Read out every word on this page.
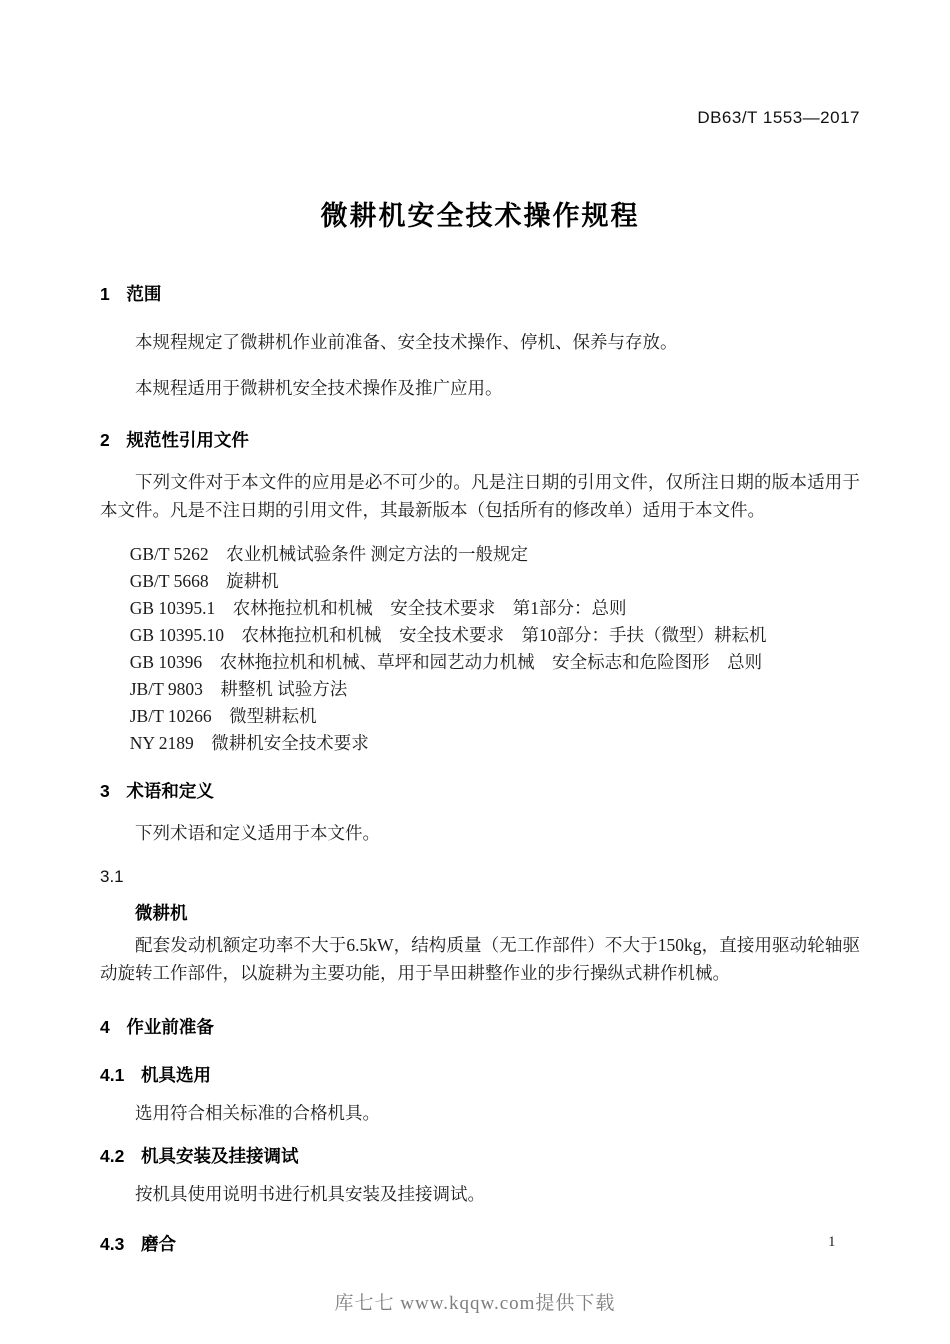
DB63/T 1553—2017
微耕机安全技术操作规程
1 范围

本规程规定了微耕机作业前准备、安全技术操作、停机、保养与存放。

本规程适用于微耕机安全技术操作及推广应用。

2 规范性引用文件

下列文件对于本文件的应用是必不可少的。凡是注日期的引用文件，仅所注日期的版本适用于本文件。凡是不注日期的引用文件，其最新版本（包括所有的修改单）适用于本文件。

GB/T 5262　农业机械试验条件 测定方法的一般规定
GB/T 5668　旋耕机
GB 10395.1　农林拖拉机和机械　安全技术要求　第1部分：总则
GB 10395.10　农林拖拉机和机械　安全技术要求　第10部分：手扶（微型）耕耘机
GB 10396　农林拖拉机和机械、草坪和园艺动力机械　安全标志和危险图形　总则
JB/T 9803　耕整机 试验方法
JB/T 10266　微型耕耘机
NY 2189　微耕机安全技术要求
3 术语和定义

下列术语和定义适用于本文件。

3.1
微耕机

配套发动机额定功率不大于6.5kW，结构质量（无工作部件）不大于150kg，直接用驱动轮轴驱动旋转工作部件，以旋耕为主要功能，用于旱田耕整作业的步行操纵式耕作机械。

4 作业前准备
4.1 机具选用

选用符合相关标准的合格机具。

4.2 机具安装及挂接调试

按机具使用说明书进行机具安装及挂接调试。

4.3 磨合	1
库七七 www.kqqw.com提供下载
